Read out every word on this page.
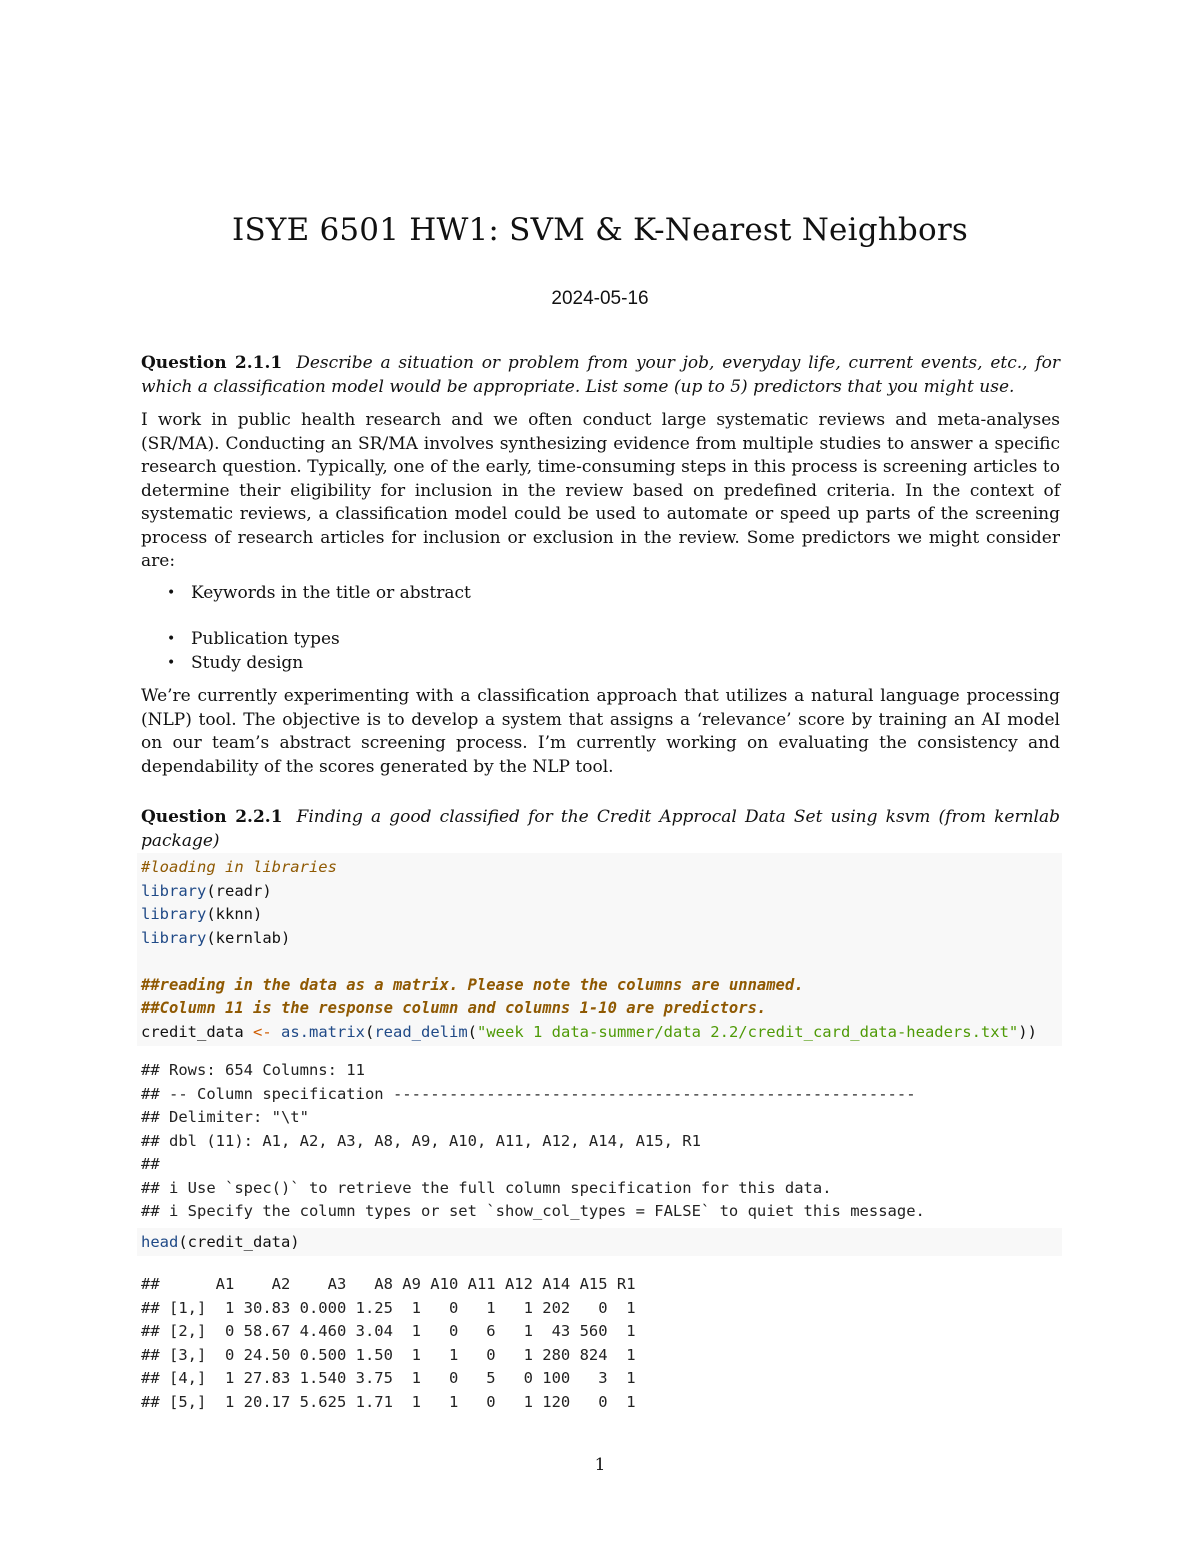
ISYE 6501 HW1: SVM & K-Nearest Neighbors
2024-05-16

Question 2.1.1 Describe a situation or problem from your job, everyday life, current events, etc., for which a classification model would be appropriate. List some (up to 5) predictors that you might use.

I work in public health research and we often conduct large systematic reviews and meta-analyses (SR/MA). Conducting an SR/MA involves synthesizing evidence from multiple studies to answer a specific research question. Typically, one of the early, time-consuming steps in this process is screening articles to determine their eligibility for inclusion in the review based on predefined criteria. In the context of systematic reviews, a classification model could be used to automate or speed up parts of the screening process of research articles for inclusion or exclusion in the review. Some predictors we might consider are:

• Keywords in the title or abstract
• Publication types
• Study design

We’re currently experimenting with a classification approach that utilizes a natural language processing (NLP) tool. The objective is to develop a system that assigns a ‘relevance’ score by training an AI model on our team’s abstract screening process. I’m currently working on evaluating the consistency and dependability of the scores generated by the NLP tool.

Question 2.2.1 Finding a good classified for the Credit Approcal Data Set using ksvm (from kernlab package)

#loading in libraries
library(readr)
library(kknn)
library(kernlab)

##reading in the data as a matrix. Please note the columns are unnamed.
##Column 11 is the response column and columns 1-10 are predictors.
credit_data <- as.matrix(read_delim("week 1 data-summer/data 2.2/credit_card_data-headers.txt"))
## Rows: 654 Columns: 11
## -- Column specification --------------------------------------------------------
## Delimiter: "\t"
## dbl (11): A1, A2, A3, A8, A9, A10, A11, A12, A14, A15, R1
##
## i Use `spec()` to retrieve the full column specification for this data.
## i Specify the column types or set `show_col_types = FALSE` to quiet this message.
head(credit_data)
##      A1    A2    A3   A8 A9 A10 A11 A12 A14 A15 R1
## [1,]  1 30.83 0.000 1.25  1   0   1   1 202   0  1
## [2,]  0 58.67 4.460 3.04  1   0   6   1  43 560  1
## [3,]  0 24.50 0.500 1.50  1   1   0   1 280 824  1
## [4,]  1 27.83 1.540 3.75  1   0   5   0 100   3  1
## [5,]  1 20.17 5.625 1.71  1   1   0   1 120   0  1
1
